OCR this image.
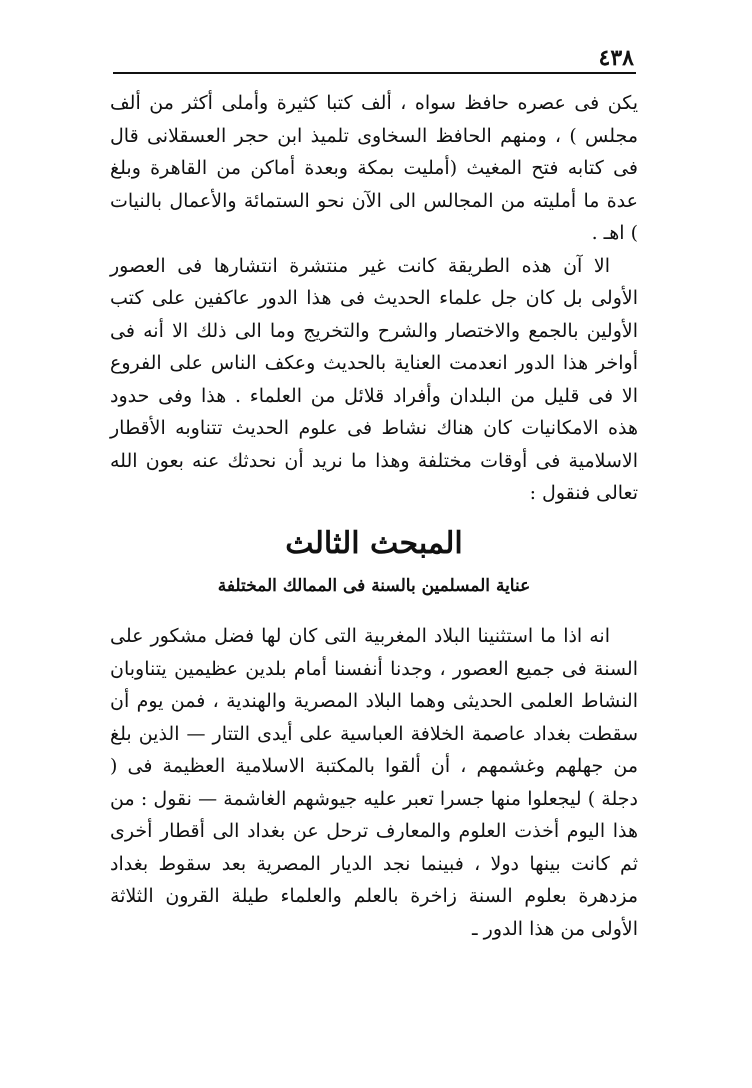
٤٣٨

يكن فى عصره حافظ سواه ، ألف كتبا كثيرة وأملى أكثر من ألف مجلس ) ، ومنهم الحافظ السخاوى تلميذ ابن حجر العسقلانى قال فى كتابه فتح المغيث (أمليت بمكة وبعدة أماكن من القاهرة وبلغ عدة ما أمليته من المجالس الى الآن نحو الستمائة والأعمال بالنيات ) اهـ .

الا آن هذه الطريقة كانت غير منتشرة انتشارها فى العصور الأولى بل كان جل علماء الحديث فى هذا الدور عاكفين على كتب الأولين بالجمع والاختصار والشرح والتخريج وما الى ذلك الا أنه فى أواخر هذا الدور انعدمت العناية بالحديث وعكف الناس على الفروع الا فى قليل من البلدان وأفراد قلائل من العلماء . هذا وفى حدود هذه الامكانيات كان هناك نشاط فى علوم الحديث تتناوبه الأقطار الاسلامية فى أوقات مختلفة وهذا ما نريد أن نحدثك عنه بعون الله تعالى فنقول :

المبحث الثالث
عناية المسلمين بالسنة فى الممالك المختلفة

انه اذا ما استثنينا البلاد المغربية التى كان لها فضل مشكور على السنة فى جميع العصور ، وجدنا أنفسنا أمام بلدين عظيمين يتناوبان النشاط العلمى الحديثى وهما البلاد المصرية والهندية ، فمن يوم أن سقطت بغداد عاصمة الخلافة العباسية على أيدى التتار — الذين بلغ من جهلهم وغشمهم ، أن ألقوا بالمكتبة الاسلامية العظيمة فى ( دجلة ) ليجعلوا منها جسرا تعبر عليه جيوشهم الغاشمة — نقول : من هذا اليوم أخذت العلوم والمعارف ترحل عن بغداد الى أقطار أخرى ثم كانت بينها دولا ، فبينما نجد الديار المصرية بعد سقوط بغداد مزدهرة بعلوم السنة زاخرة بالعلم والعلماء طيلة القرون الثلاثة الأولى من هذا الدور ـ
